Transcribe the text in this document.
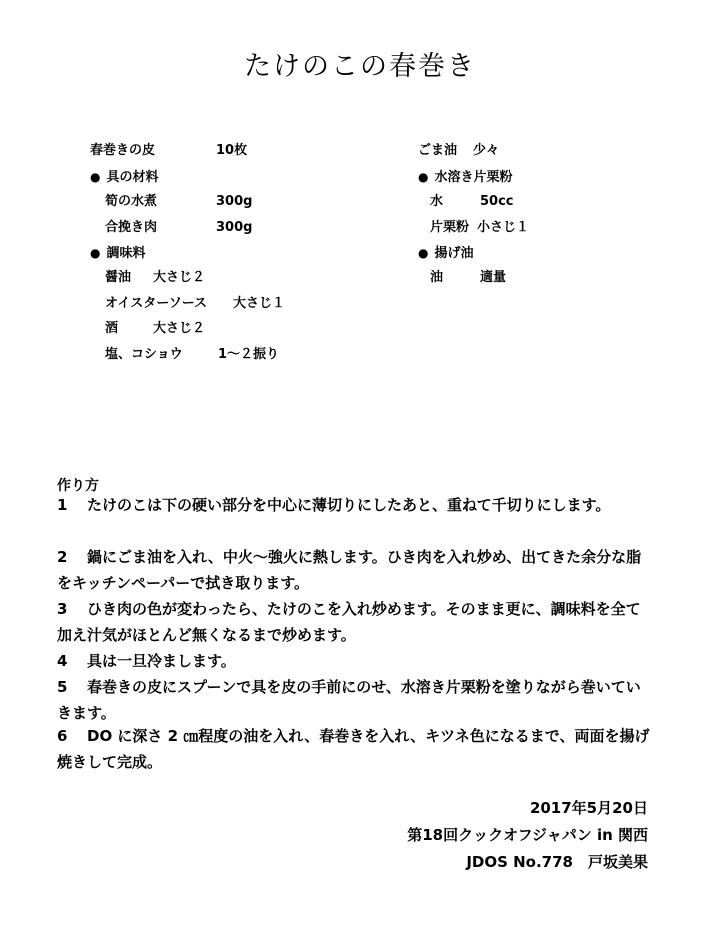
たけのこの春巻き
春巻きの皮	10枚
● 具の材料
筍の水煮	300g
合挽き肉	300g
● 調味料
醤油 大さじ２
オイスターソース 大さじ１
酒	大さじ２
塩、コショウ	1～２振り
ごま油 少々
● 水溶き片栗粉
水	50cc
片栗粉 小さじ１
● 揚げ油
油	適量
作り方
1 たけのこは下の硬い部分を中心に薄切りにしたあと、重ねて千切りにします。
2 鍋にごま油を入れ、中火～強火に熱します。ひき肉を入れ炒め、出てきた余分な脂をキッチンペーパーで拭き取ります。
3 ひき肉の色が変わったら、たけのこを入れ炒めます。そのまま更に、調味料を全て加え汁気がほとんど無くなるまで炒めます。
4 具は一旦冷まします。
5 春巻きの皮にスプーンで具を皮の手前にのせ、水溶き片栗粉を塗りながら巻いていきます。
6 DO に深さ 2 ㎝程度の油を入れ、春巻きを入れ、キツネ色になるまで、両面を揚げ焼きして完成。
2017年5月20日
第18回クックオフジャパン in 関西
JDOS No.778　戸坂美果
